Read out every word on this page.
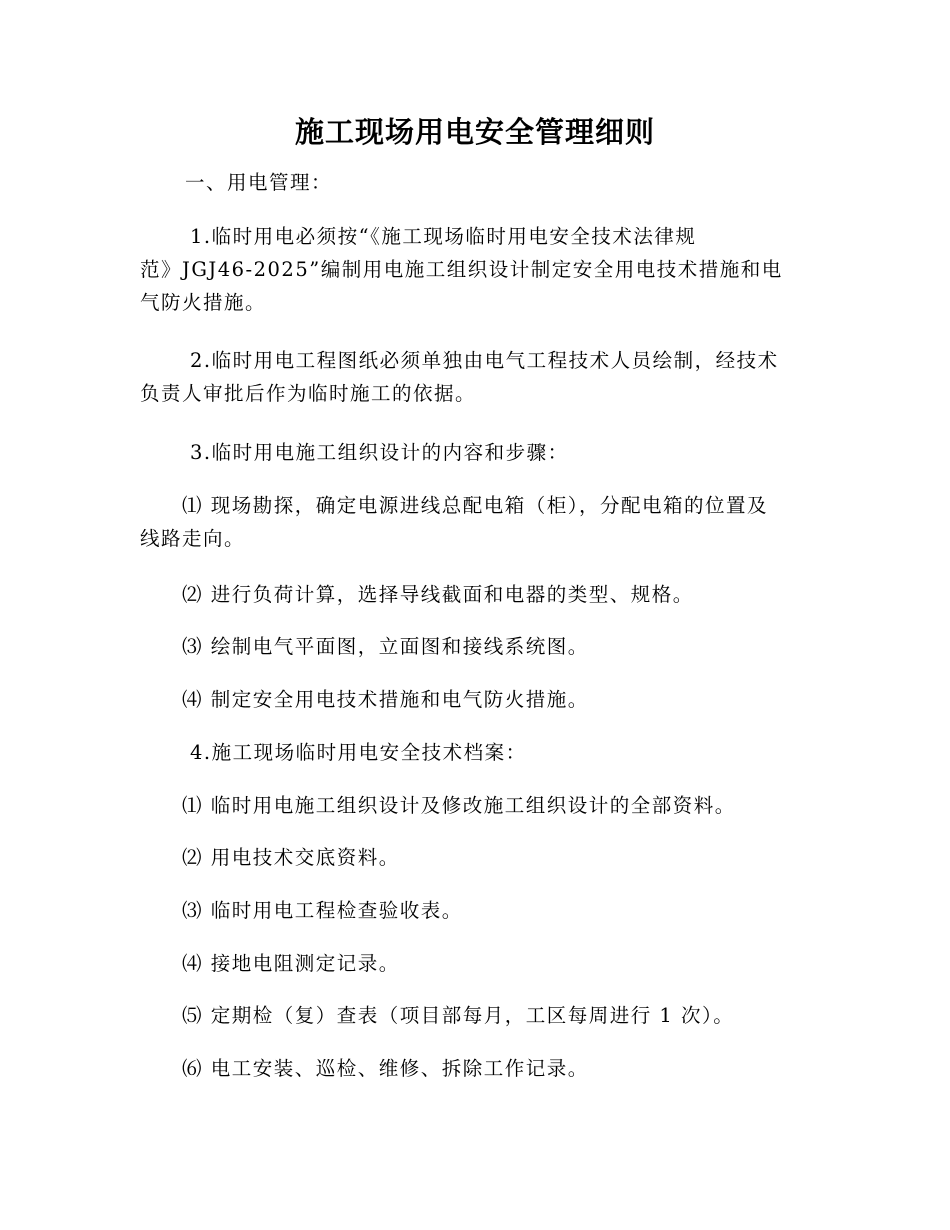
施工现场用电安全管理细则

一、用电管理：

1.临时用电必须按“《施工现场临时用电安全技术法律规
范》JGJ46-2025”编制用电施工组织设计制定安全用电技术措施和电
气防火措施。
2.临时用电工程图纸必须单独由电气工程技术人员绘制，经技术
负责人审批后作为临时施工的依据。

3.临时用电施工组织设计的内容和步骤：

⑴ 现场勘探，确定电源进线总配电箱（柜），分配电箱的位置及
线路走向。

⑵ 进行负荷计算，选择导线截面和电器的类型、规格。

⑶ 绘制电气平面图，立面图和接线系统图。

⑷ 制定安全用电技术措施和电气防火措施。

4.施工现场临时用电安全技术档案：

⑴ 临时用电施工组织设计及修改施工组织设计的全部资料。

⑵ 用电技术交底资料。

⑶ 临时用电工程检查验收表。

⑷ 接地电阻测定记录。

⑸ 定期检（复）查表（项目部每月，工区每周进行 1 次）。

⑹ 电工安装、巡检、维修、拆除工作记录。
